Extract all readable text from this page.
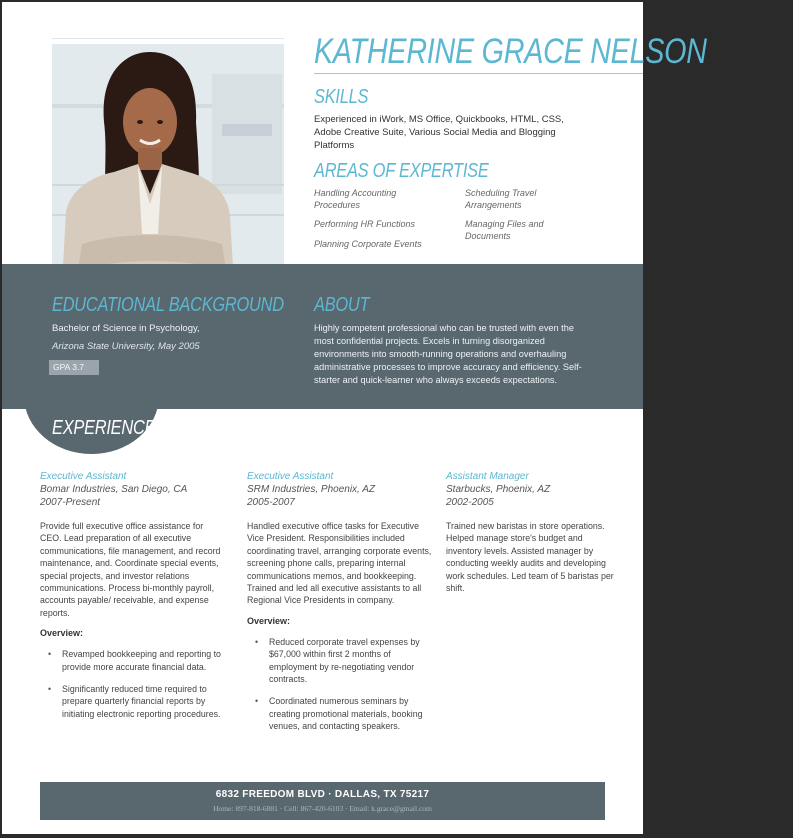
KATHERINE GRACE NELSON
SKILLS
Experienced in iWork, MS Office, Quickbooks, HTML, CSS, Adobe Creative Suite, Various Social Media and Blogging Platforms
AREAS OF EXPERTISE
Handling Accounting Procedures
Performing HR Functions
Planning Corporate Events
Scheduling Travel Arrangements
Managing Files and Documents
EDUCATIONAL BACKGROUND
Bachelor of Science in Psychology,
Arizona State University, May 2005
GPA 3.7
ABOUT
Highly competent professional who can be trusted with even the most confidential projects. Excels in turning disorganized environments into smooth-running operations and overhauling administrative processes to improve accuracy and efficiency. Self-starter and quick-learner who always exceeds expectations.
EXPERIENCE
Executive Assistant
Bomar Industries, San Diego, CA
2007-Present
Provide full executive office assistance for CEO. Lead preparation of all executive communications, file management, and record maintenance, and. Coordinate special events, special projects, and investor relations communications. Process bi-monthly payroll, accounts payable/ receivable, and expense reports.
Overview:
• Revamped bookkeeping and reporting to provide more accurate financial data.
• Significantly reduced time required to prepare quarterly financial reports by initiating electronic reporting procedures.
Executive Assistant
SRM Industries, Phoenix, AZ
2005-2007
Handled executive office tasks for Executive Vice President. Responsibilities included coordinating travel, arranging corporate events, screening phone calls, preparing internal communications memos, and bookkeeping. Trained and led all executive assistants to all Regional Vice Presidents in company.
Overview:
• Reduced corporate travel expenses by $67,000 within first 2 months of employment by re-negotiating vendor contracts.
• Coordinated numerous seminars by creating promotional materials, booking venues, and contacting speakers.
Assistant Manager
Starbucks, Phoenix, AZ
2002-2005
Trained new baristas in store operations. Helped manage store's budget and inventory levels. Assisted manager by conducting weekly audits and developing work schedules. Led team of 5 baristas per shift.
6832 FREEDOM BLVD · DALLAS, TX 75217
Home: 897-818-6881 · Cell: 867-420-6103 · Email: k.grace@gmail.com
